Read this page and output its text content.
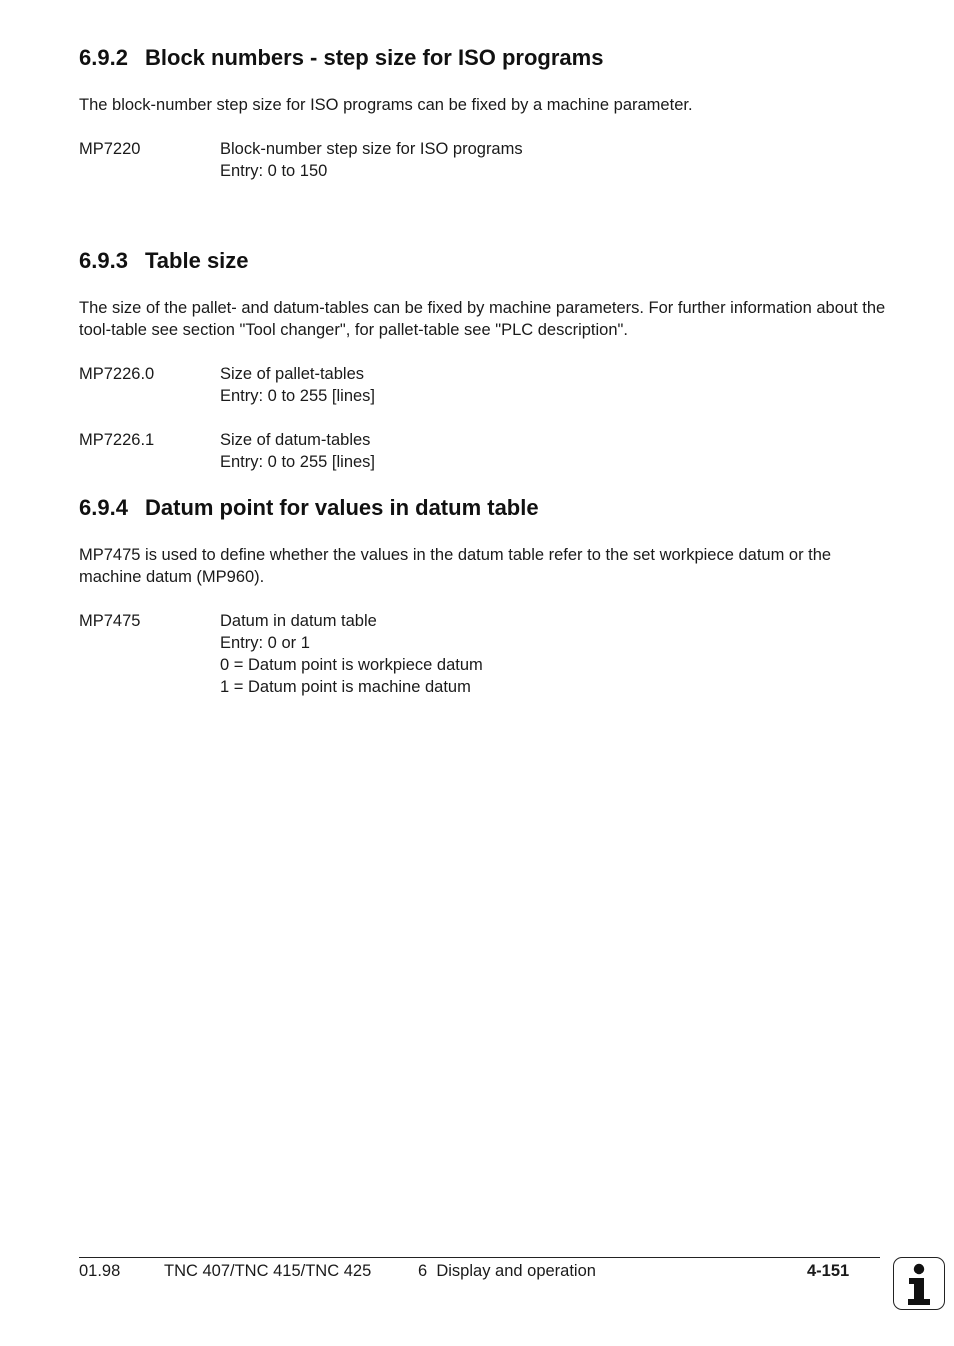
6.9.2 Block numbers - step size for ISO programs

The block-number step size for ISO programs can be fixed by a machine parameter.

MP7220	Block-number step size for ISO programs
Entry: 0 to 150
6.9.3 Table size

The size of the pallet- and datum-tables can be fixed by machine parameters. For further information about the tool-table see section "Tool changer", for pallet-table see "PLC description".

MP7226.0	Size of pallet-tables
Entry: 0 to 255 [lines]
MP7226.1	Size of datum-tables
Entry: 0 to 255 [lines]
6.9.4 Datum point for values in datum table

MP7475 is used to define whether the values in the datum table refer to the set workpiece datum or the machine datum (MP960).

MP7475	Datum in datum table
Entry: 0 or 1
0 = Datum point is workpiece datum
1 = Datum point is machine datum
01.98	TNC 407/TNC 415/TNC 425	6  Display and operation	4-151
